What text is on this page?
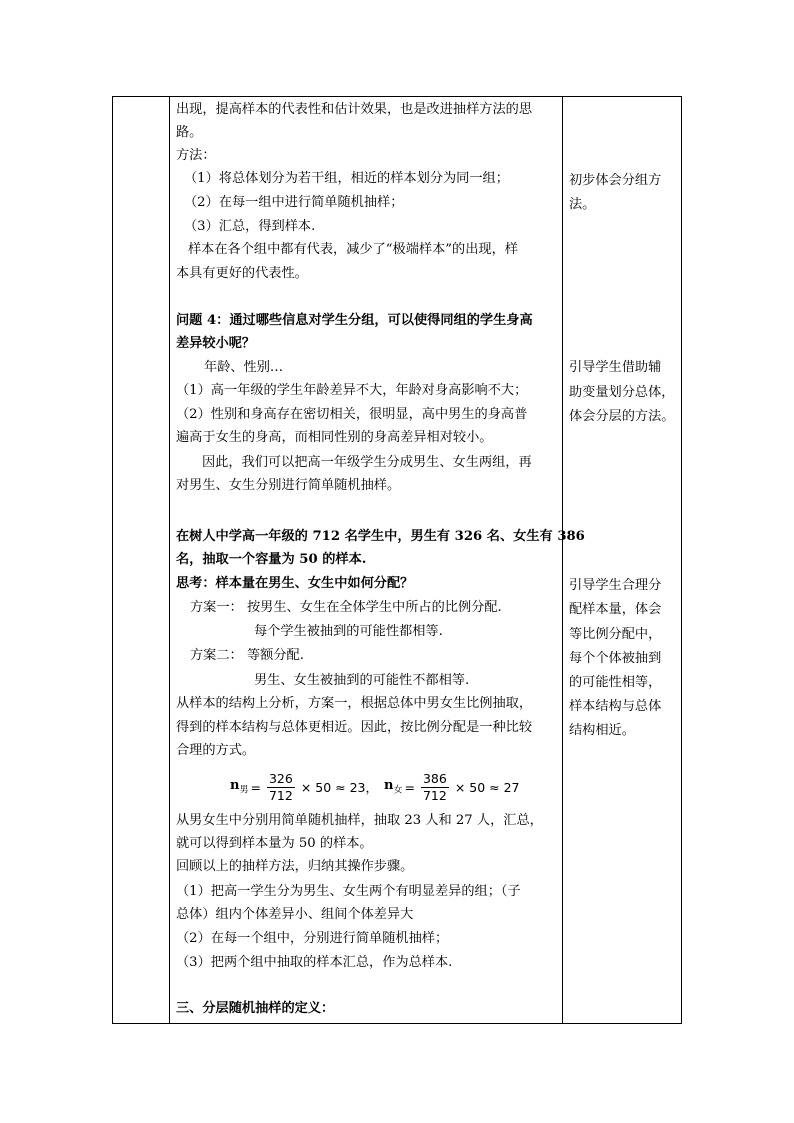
出现，提高样本的代表性和估计效果，也是改进抽样方法的思
路。
方法：
（1）将总体划分为若干组，相近的样本划分为同一组；
（2）在每一组中进行简单随机抽样；
（3）汇总，得到样本.
样本在各个组中都有代表，减少了“极端样本”的出现，样
本具有更好的代表性。
问题 4：通过哪些信息对学生分组，可以使得同组的学生身高
差异较小呢？
年龄、性别…
（1）高一年级的学生年龄差异不大，年龄对身高影响不大；
（2）性别和身高存在密切相关，很明显，高中男生的身高普
遍高于女生的身高，而相同性别的身高差异相对较小。
因此，我们可以把高一年级学生分成男生、女生两组，再
对男生、女生分别进行简单随机抽样。
在树人中学高一年级的 712 名学生中，男生有 326 名、女生有 386
名，抽取一个容量为 50 的样本.
思考：样本量在男生、女生中如何分配？
方案一： 按男生、女生在全体学生中所占的比例分配.
每个学生被抽到的可能性都相等.
方案二： 等额分配.
男生、女生被抽到的可能性不都相等.
从样本的结构上分析，方案一，根据总体中男女生比例抽取，
得到的样本结构与总体更相近。因此，按比例分配是一种比较
合理的方式。
$n_男 = \frac{326}{712} \times 50 \approx 23$， $n_女 = \frac{386}{712} \times 50 \approx 27$
从男女生中分别用简单随机抽样，抽取 23 人和 27 人，汇总，
就可以得到样本量为 50 的样本。
回顾以上的抽样方法，归纳其操作步骤。
（1）把高一学生分为男生、女生两个有明显差异的组；（子
总体）组内个体差异小、组间个体差异大
（2）在每一个组中，分别进行简单随机抽样；
（3）把两个组中抽取的样本汇总，作为总样本.
三、分层随机抽样的定义：

初步体会分组方
法。
引导学生借助辅
助变量划分总体，
体会分层的方法。
引导学生合理分
配样本量，体会
等比例分配中，
每个个体被抽到
的可能性相等，
样本结构与总体
结构相近。
